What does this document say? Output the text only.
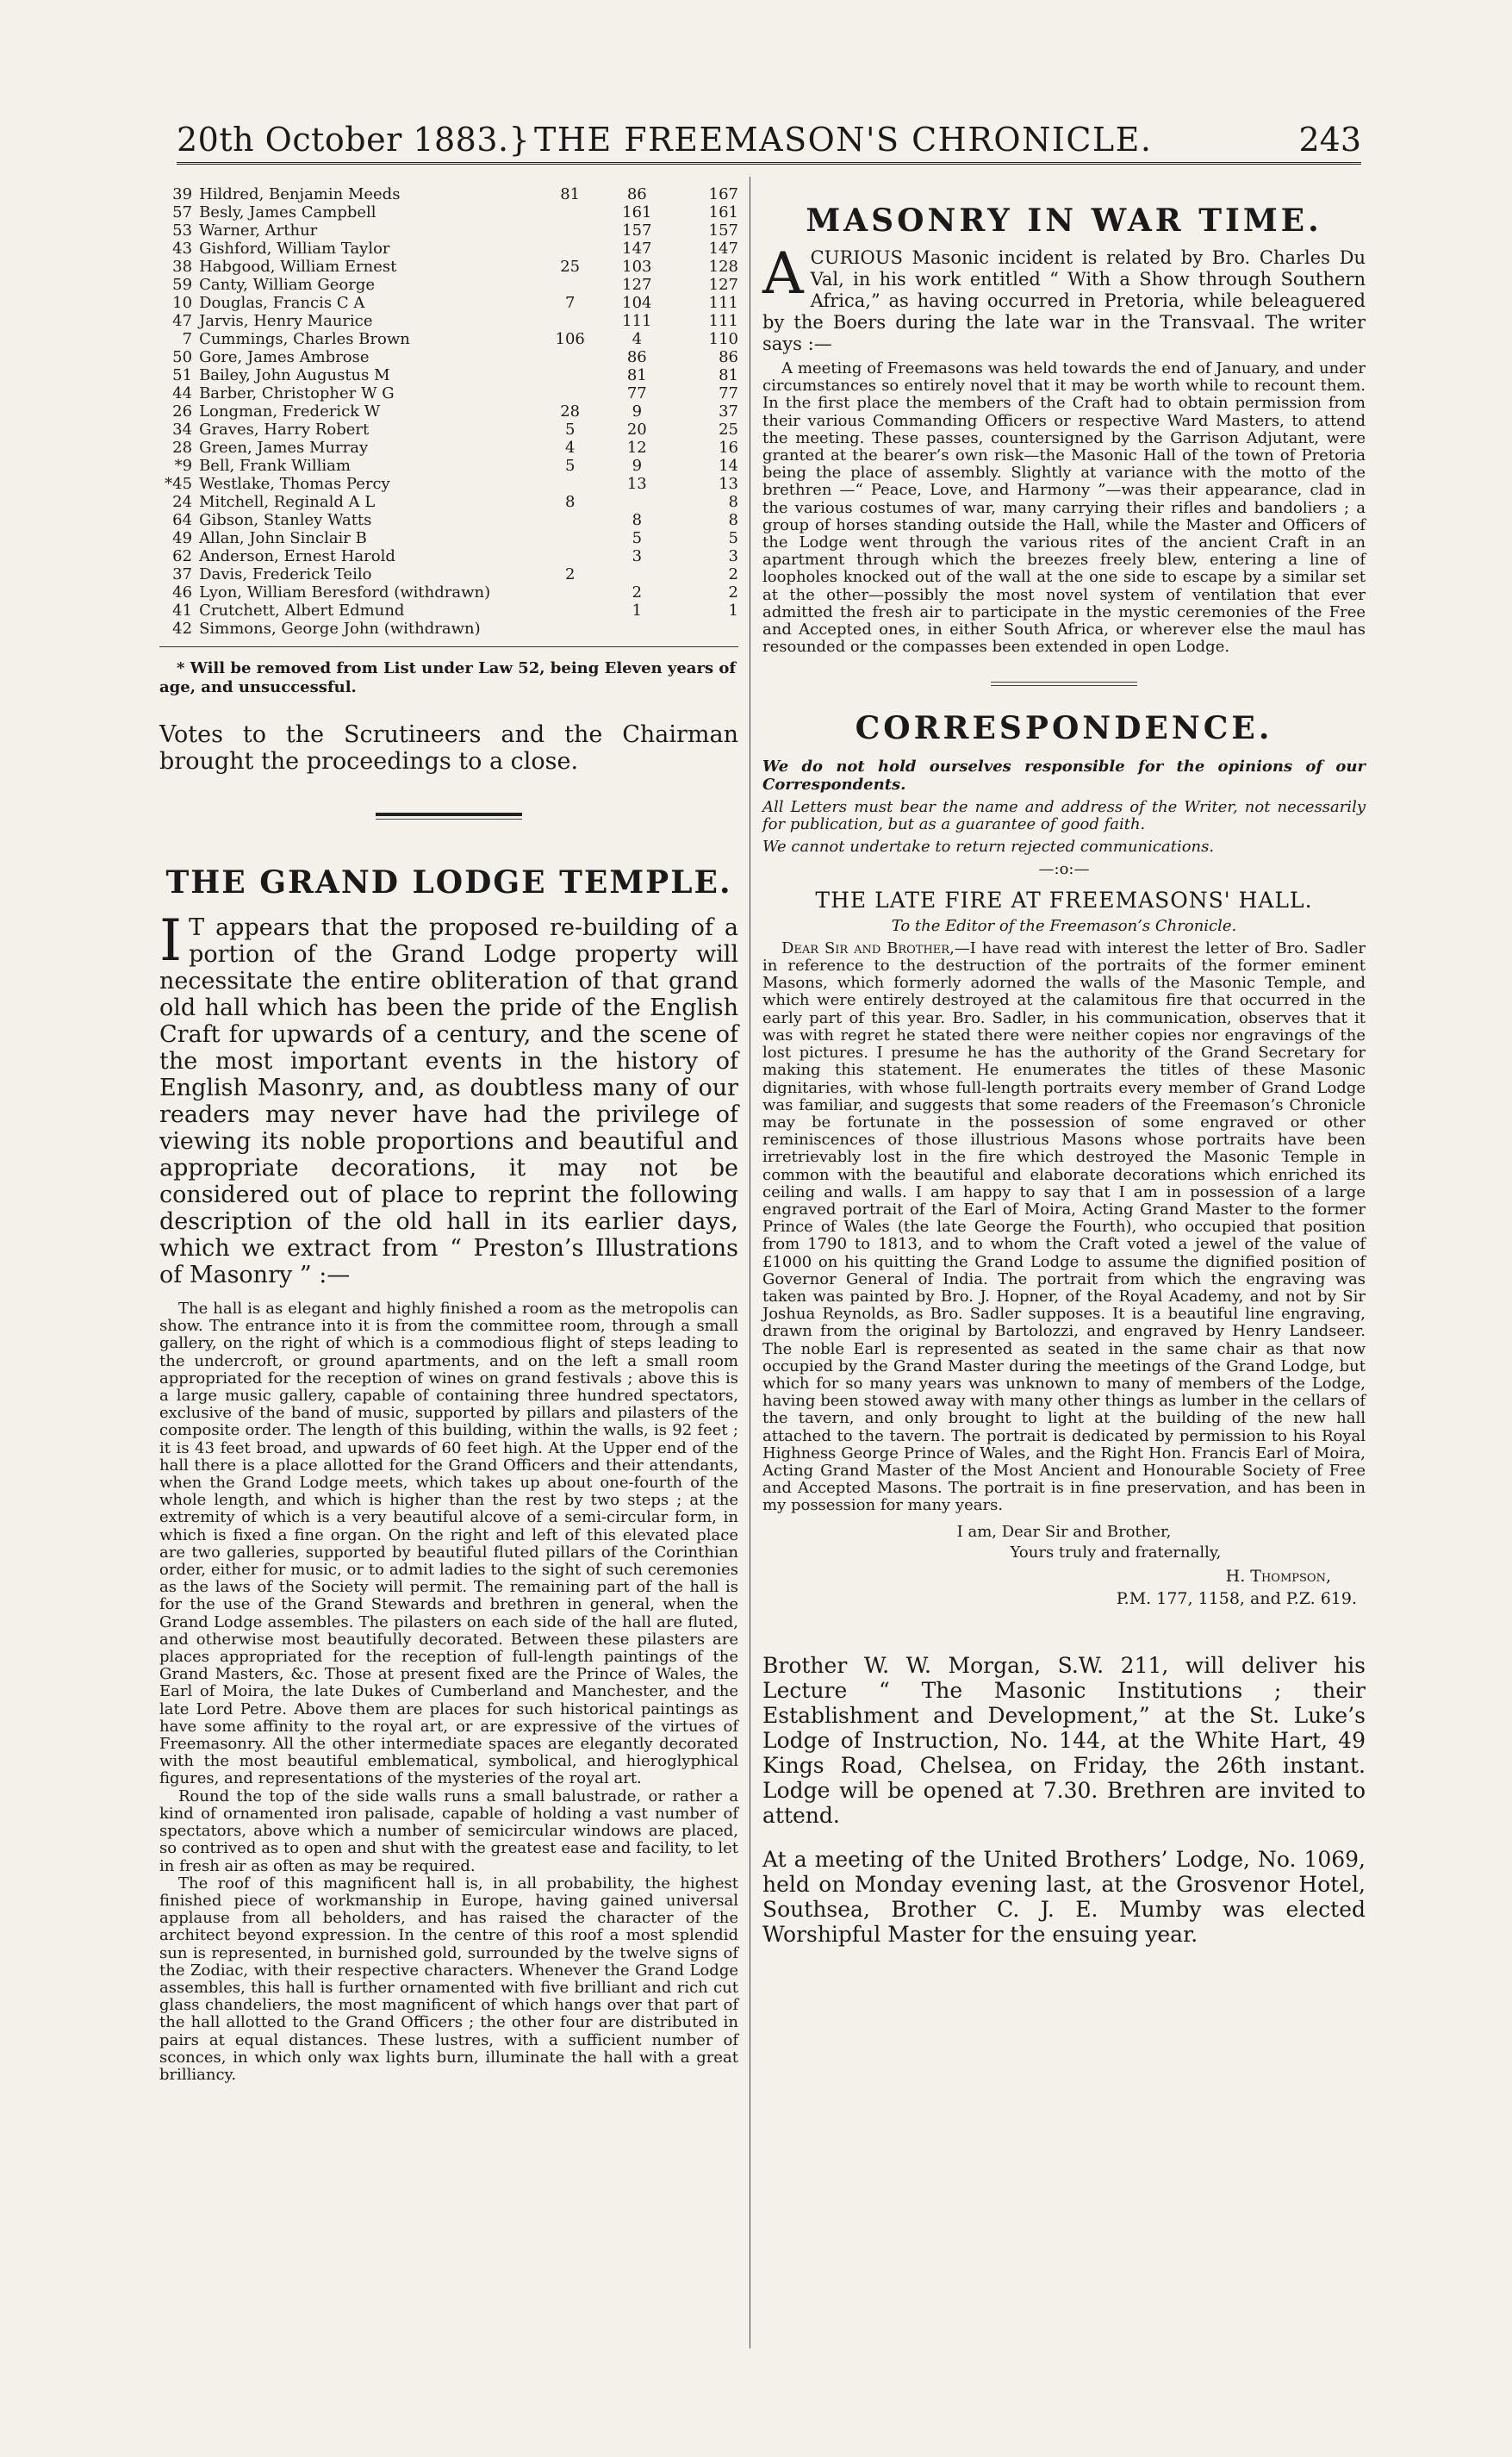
20th October 1883.} THE FREEMASON'S CHRONICLE.	243
39	Hildred, Benjamin Meeds	81	86	167
57	Besly, James Campbell		161	161
53	Warner, Arthur		157	157
43	Gishford, William Taylor		147	147
38	Habgood, William Ernest	25	103	128
59	Canty, William George		127	127
10	Douglas, Francis C A	7	104	111
47	Jarvis, Henry Maurice		111	111
7	Cummings, Charles Brown	106	4	110
50	Gore, James Ambrose		86	86
51	Bailey, John Augustus M		81	81
44	Barber, Christopher W G		77	77
26	Longman, Frederick W	28	9	37
34	Graves, Harry Robert	5	20	25
28	Green, James Murray	4	12	16
*9	Bell, Frank William	5	9	14
*45	Westlake, Thomas Percy		13	13
24	Mitchell, Reginald A L	8		8
64	Gibson, Stanley Watts		8	8
49	Allan, John Sinclair B		5	5
62	Anderson, Ernest Harold		3	3
37	Davis, Frederick Teilo	2		2
46	Lyon, William Beresford (withdrawn)		2	2
41	Crutchett, Albert Edmund		1	1
42	Simmons, George John (withdrawn)			
* Will be removed from List under Law 52, being Eleven years of age, and unsuccessful.
Votes to the Scrutineers and the Chairman brought the proceedings to a close.
THE GRAND LODGE TEMPLE.
I T appears that the proposed re-building of a portion of the Grand Lodge property will necessitate the entire obliteration of that grand old hall which has been the pride of the English Craft for upwards of a century, and the scene of the most important events in the history of English Masonry, and, as doubtless many of our readers may never have had the privilege of viewing its noble proportions and beautiful and appropriate decorations, it may not be considered out of place to reprint the following description of the old hall in its earlier days, which we extract from “ Preston’s Illustrations of Masonry ” :—
The hall is as elegant and highly finished a room as the metropolis can show. The entrance into it is from the committee room, through a small gallery, on the right of which is a commodious flight of steps leading to the undercroft, or ground apartments, and on the left a small room appropriated for the reception of wines on grand festivals ; above this is a large music gallery, capable of containing three hundred spectators, exclusive of the band of music, supported by pillars and pilasters of the composite order. The length of this building, within the walls, is 92 feet ; it is 43 feet broad, and upwards of 60 feet high. At the Upper end of the hall there is a place allotted for the Grand Officers and their attendants, when the Grand Lodge meets, which takes up about one-fourth of the whole length, and which is higher than the rest by two steps ; at the extremity of which is a very beautiful alcove of a semi-circular form, in which is fixed a fine organ. On the right and left of this elevated place are two galleries, supported by beautiful fluted pillars of the Corinthian order, either for music, or to admit ladies to the sight of such ceremonies as the laws of the Society will permit. The remaining part of the hall is for the use of the Grand Stewards and brethren in general, when the Grand Lodge assembles. The pilasters on each side of the hall are fluted, and otherwise most beautifully decorated. Between these pilasters are places appropriated for the reception of full-length paintings of the Grand Masters, &c. Those at present fixed are the Prince of Wales, the Earl of Moira, the late Dukes of Cumberland and Manchester, and the late Lord Petre. Above them are places for such historical paintings as have some affinity to the royal art, or are expressive of the virtues of Freemasonry. All the other intermediate spaces are elegantly decorated with the most beautiful emblematical, symbolical, and hieroglyphical figures, and representations of the mysteries of the royal art.
Round the top of the side walls runs a small balustrade, or rather a kind of ornamented iron palisade, capable of holding a vast number of spectators, above which a number of semicircular windows are placed, so contrived as to open and shut with the greatest ease and facility, to let in fresh air as often as may be required.
The roof of this magnificent hall is, in all probability, the highest finished piece of workmanship in Europe, having gained universal applause from all beholders, and has raised the character of the architect beyond expression. In the centre of this roof a most splendid sun is represented, in burnished gold, surrounded by the twelve signs of the Zodiac, with their respective characters. Whenever the Grand Lodge assembles, this hall is further ornamented with five brilliant and rich cut glass chandeliers, the most magnificent of which hangs over that part of the hall allotted to the Grand Officers ; the other four are distributed in pairs at equal distances. These lustres, with a sufficient number of sconces, in which only wax lights burn, illuminate the hall with a great brilliancy.
MASONRY IN WAR TIME.
ACURIOUS Masonic incident is related by Bro. Charles Du Val, in his work entitled “ With a Show through Southern Africa,” as having occurred in Pretoria, while beleaguered by the Boers during the late war in the Transvaal. The writer says :—
A meeting of Freemasons was held towards the end of January, and under circumstances so entirely novel that it may be worth while to recount them. In the first place the members of the Craft had to obtain permission from their various Commanding Officers or respective Ward Masters, to attend the meeting. These passes, countersigned by the Garrison Adjutant, were granted at the bearer’s own risk—the Masonic Hall of the town of Pretoria being the place of assembly. Slightly at variance with the motto of the brethren —“ Peace, Love, and Harmony ”—was their appearance, clad in the various costumes of war, many carrying their rifles and bandoliers ; a group of horses standing outside the Hall, while the Master and Officers of the Lodge went through the various rites of the ancient Craft in an apartment through which the breezes freely blew, entering a line of loopholes knocked out of the wall at the one side to escape by a similar set at the other—possibly the most novel system of ventilation that ever admitted the fresh air to participate in the mystic ceremonies of the Free and Accepted ones, in either South Africa, or wherever else the maul has resounded or the compasses been extended in open Lodge.
CORRESPONDENCE.
We do not hold ourselves responsible for the opinions of our Correspondents.
All Letters must bear the name and address of the Writer, not necessarily for publication, but as a guarantee of good faith.
We cannot undertake to return rejected communications.
—:o:—
THE LATE FIRE AT FREEMASONS' HALL.
To the Editor of the Freemason’s Chronicle.
Dear Sir and Brother,—I have read with interest the letter of Bro. Sadler in reference to the destruction of the portraits of the former eminent Masons, which formerly adorned the walls of the Masonic Temple, and which were entirely destroyed at the calamitous fire that occurred in the early part of this year. Bro. Sadler, in his communication, observes that it was with regret he stated there were neither copies nor engravings of the lost pictures. I presume he has the authority of the Grand Secretary for making this statement. He enumerates the titles of these Masonic dignitaries, with whose full-length portraits every member of Grand Lodge was familiar, and suggests that some readers of the Freemason’s Chronicle may be fortunate in the possession of some engraved or other reminiscences of those illustrious Masons whose portraits have been irretrievably lost in the fire which destroyed the Masonic Temple in common with the beautiful and elaborate decorations which enriched its ceiling and walls. I am happy to say that I am in possession of a large engraved portrait of the Earl of Moira, Acting Grand Master to the former Prince of Wales (the late George the Fourth), who occupied that position from 1790 to 1813, and to whom the Craft voted a jewel of the value of £1000 on his quitting the Grand Lodge to assume the dignified position of Governor General of India. The portrait from which the engraving was taken was painted by Bro. J. Hopner, of the Royal Academy, and not by Sir Joshua Reynolds, as Bro. Sadler supposes. It is a beautiful line engraving, drawn from the original by Bartolozzi, and engraved by Henry Landseer. The noble Earl is represented as seated in the same chair as that now occupied by the Grand Master during the meetings of the Grand Lodge, but which for so many years was unknown to many of members of the Lodge, having been stowed away with many other things as lumber in the cellars of the tavern, and only brought to light at the building of the new hall attached to the tavern. The portrait is dedicated by permission to his Royal Highness George Prince of Wales, and the Right Hon. Francis Earl of Moira, Acting Grand Master of the Most Ancient and Honourable Society of Free and Accepted Masons. The portrait is in fine preservation, and has been in my possession for many years.
I am, Dear Sir and Brother,
Yours truly and fraternally,
H. Thompson,
P.M. 177, 1158, and P.Z. 619.
Brother W. W. Morgan, S.W. 211, will deliver his Lecture “ The Masonic Institutions ; their Establishment and Development,” at the St. Luke’s Lodge of Instruction, No. 144, at the White Hart, 49 Kings Road, Chelsea, on Friday, the 26th instant. Lodge will be opened at 7.30. Brethren are invited to attend.
At a meeting of the United Brothers’ Lodge, No. 1069, held on Monday evening last, at the Grosvenor Hotel, Southsea, Brother C. J. E. Mumby was elected Worshipful Master for the ensuing year.
